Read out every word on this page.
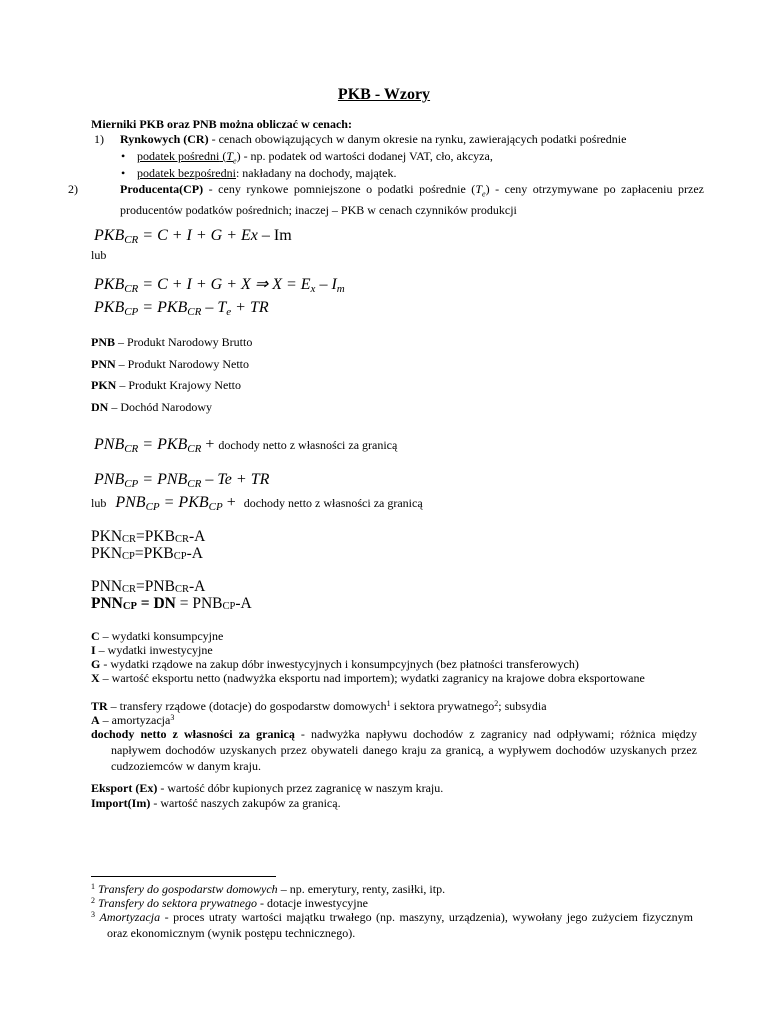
PKB - Wzory
Mierniki PKB oraz PNB można obliczać w cenach:
1) Rynkowych (CR) - cenach obowiązujących w danym okresie na rynku, zawierających podatki pośrednie
• podatek pośredni $(T_e)$ - np. podatek od wartości dodanej VAT, cło, akcyza,
• podatek bezpośredni: nakładany na dochody, majątek.
2)	Producenta(CP) - ceny rynkowe pomniejszone o podatki pośrednie $(T_e)$ - ceny otrzymywane po zapłaceniu przez producentów podatków pośrednich; inaczej – PKB w cenach czynników produkcji
$PKB_{CR} = C + I + G + Ex - Im$
lub
$PKB_{CR} = C + I + G + X$ ⇒ $X = E_x - I_m$
$PKB_{CP} = PKB_{CR} - T_e$ + TR
PNB – Produkt Narodowy Brutto
PNN – Produkt Narodowy Netto
PKN – Produkt Krajowy Netto
DN – Dochód Narodowy
$PNB_{CR} = PKB_{CR}$ + dochody netto z własności za granicą
$PNB_{CP} = PNB_{CR} - Te$ + TR
lub $PNB_{CP} = PKB_{CP}$ + dochody netto z własności za granicą
$PKN_{CR}=PKB_{CR}-A$
$PKN_{CP}=PKB_{CP}-A$
$PNN_{CR}=PNB_{CR}-A$
$PNN_{CP}$ = DN = $PNB_{CP}-A$
C – wydatki konsumpcyjne
I – wydatki inwestycyjne
G - wydatki rządowe na zakup dóbr inwestycyjnych i konsumpcyjnych (bez płatności transferowych)
X – wartość eksportu netto (nadwyżka eksportu nad importem); wydatki zagranicy na krajowe dobra eksportowane
TR – transfery rządowe (dotacje) do gospodarstw domowych$^1$ i sektora prywatnego$^2$; subsydia
A – amortyzacja$^3$
dochody netto z własności za granicą - nadwyżka napływu dochodów z zagranicy nad odpływami; różnica między napływem dochodów uzyskanych przez obywateli danego kraju za granicą, a wypływem dochodów uzyskanych przez cudzoziemców w danym kraju.
Eksport (Ex) - wartość dóbr kupionych przez zagranicę w naszym kraju.
Import(Im) - wartość naszych zakupów za granicą.
$^1$ Transfery do gospodarstw domowych – np. emerytury, renty, zasiłki, itp.
$^2$ Transfery do sektora prywatnego - dotacje inwestycyjne
$^3$ Amortyzacja - proces utraty wartości majątku trwałego (np. maszyny, urządzenia), wywołany jego zużyciem fizycznym oraz ekonomicznym (wynik postępu technicznego).
